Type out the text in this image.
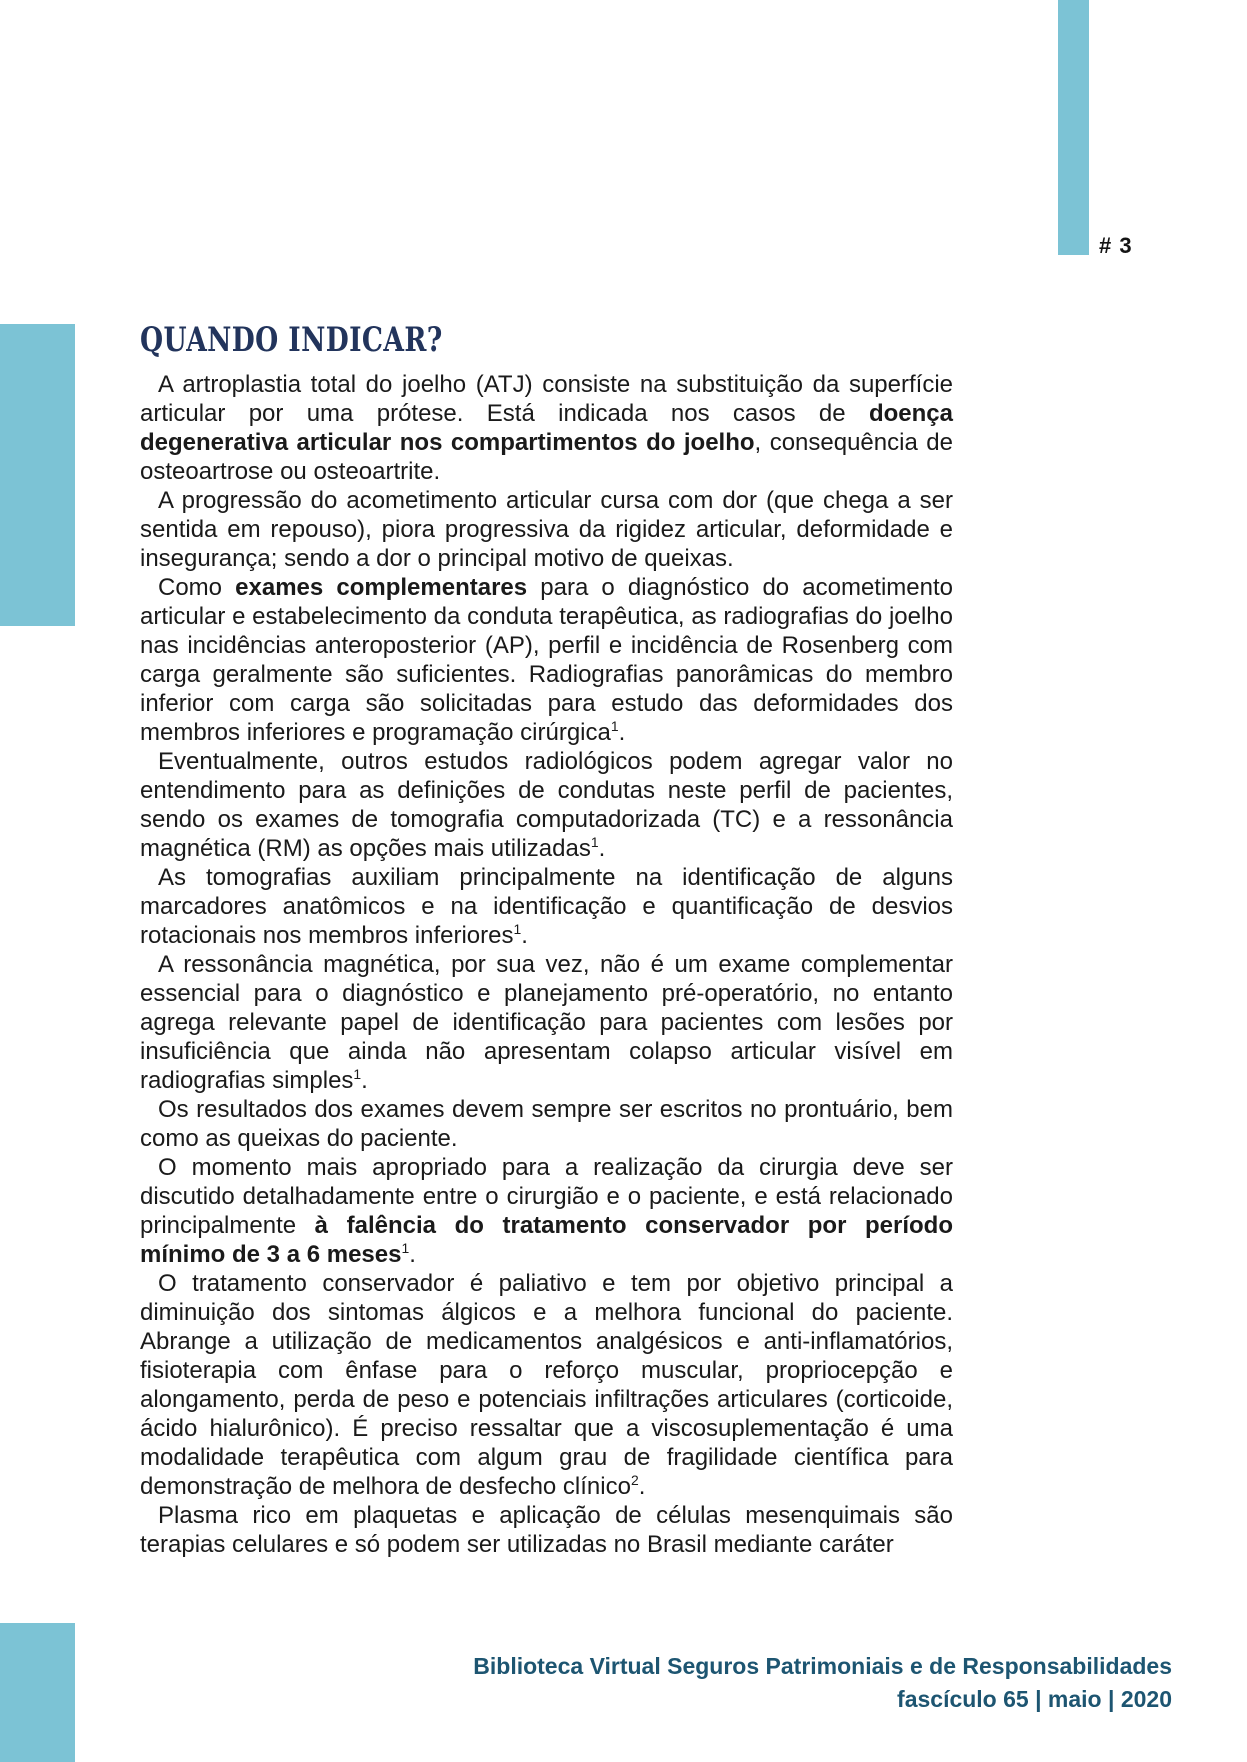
# 3
QUANDO INDICAR?

A artroplastia total do joelho (ATJ) consiste na substituição da superfície articular por uma prótese. Está indicada nos casos de doença degenerativa articular nos compartimentos do joelho, consequência de osteoartrose ou osteoartrite.

A progressão do acometimento articular cursa com dor (que chega a ser sentida em repouso), piora progressiva da rigidez articular, deformidade e insegurança; sendo a dor o principal motivo de queixas.

Como exames complementares para o diagnóstico do acometimento articular e estabelecimento da conduta terapêutica, as radiografias do joelho nas incidências anteroposterior (AP), perfil e incidência de Rosenberg com carga geralmente são suficientes. Radiografias panorâmicas do membro inferior com carga são solicitadas para estudo das deformidades dos membros inferiores e programação cirúrgica$^1$.

Eventualmente, outros estudos radiológicos podem agregar valor no entendimento para as definições de condutas neste perfil de pacientes, sendo os exames de tomografia computadorizada (TC) e a ressonância magnética (RM) as opções mais utilizadas$^1$.

As tomografias auxiliam principalmente na identificação de alguns marcadores anatômicos e na identificação e quantificação de desvios rotacionais nos membros inferiores$^1$.

A ressonância magnética, por sua vez, não é um exame complementar essencial para o diagnóstico e planejamento pré-operatório, no entanto agrega relevante papel de identificação para pacientes com lesões por insuficiência que ainda não apresentam colapso articular visível em radiografias simples$^1$.

Os resultados dos exames devem sempre ser escritos no prontuário, bem como as queixas do paciente.

O momento mais apropriado para a realização da cirurgia deve ser discutido detalhadamente entre o cirurgião e o paciente, e está relacionado principalmente à falência do tratamento conservador por período mínimo de 3 a 6 meses$^1$.

O tratamento conservador é paliativo e tem por objetivo principal a diminuição dos sintomas álgicos e a melhora funcional do paciente. Abrange a utilização de medicamentos analgésicos e anti-inflamatórios, fisioterapia com ênfase para o reforço muscular, propriocepção e alongamento, perda de peso e potenciais infiltrações articulares (corticoide, ácido hialurônico). É preciso ressaltar que a viscosuplementação é uma modalidade terapêutica com algum grau de fragilidade científica para demonstração de melhora de desfecho clínico$^2$.

Plasma rico em plaquetas e aplicação de células mesenquimais são terapias celulares e só podem ser utilizadas no Brasil mediante caráter

Biblioteca Virtual Seguros Patrimoniais e de Responsabilidades
fascículo 65 | maio | 2020
